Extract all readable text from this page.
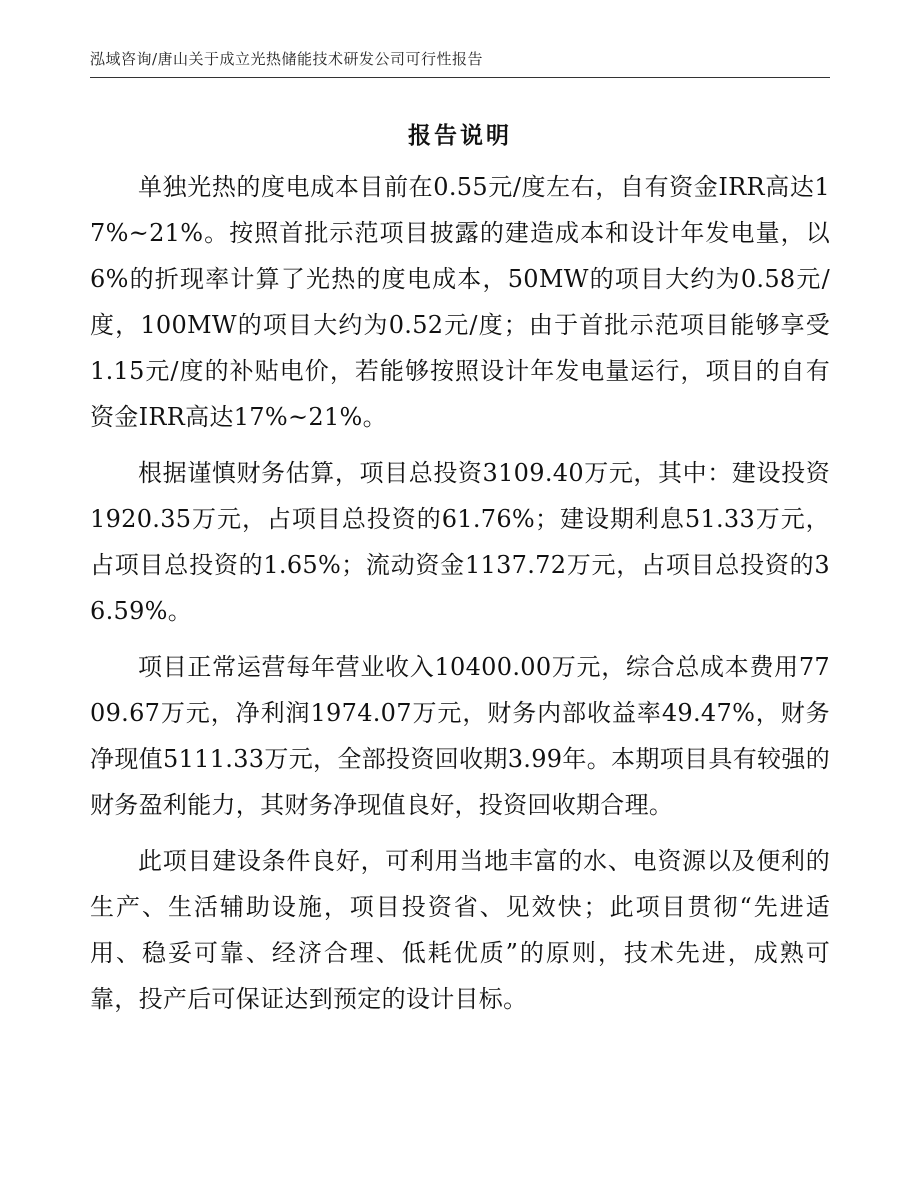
泓域咨询/唐山关于成立光热储能技术研发公司可行性报告
报告说明

单独光热的度电成本目前在0.55元/度左右，自有资金IRR高达17%~21%。按照首批示范项目披露的建造成本和设计年发电量，以6%的折现率计算了光热的度电成本，50MW的项目大约为0.58元/度，100MW的项目大约为0.52元/度；由于首批示范项目能够享受1.15元/度的补贴电价，若能够按照设计年发电量运行，项目的自有资金IRR高达17%~21%。

根据谨慎财务估算，项目总投资3109.40万元，其中：建设投资1920.35万元，占项目总投资的61.76%；建设期利息51.33万元，占项目总投资的1.65%；流动资金1137.72万元，占项目总投资的36.59%。

项目正常运营每年营业收入10400.00万元，综合总成本费用7709.67万元，净利润1974.07万元，财务内部收益率49.47%，财务净现值5111.33万元，全部投资回收期3.99年。本期项目具有较强的财务盈利能力，其财务净现值良好，投资回收期合理。

此项目建设条件良好，可利用当地丰富的水、电资源以及便利的生产、生活辅助设施，项目投资省、见效快；此项目贯彻“先进适用、稳妥可靠、经济合理、低耗优质”的原则，技术先进，成熟可靠，投产后可保证达到预定的设计目标。
